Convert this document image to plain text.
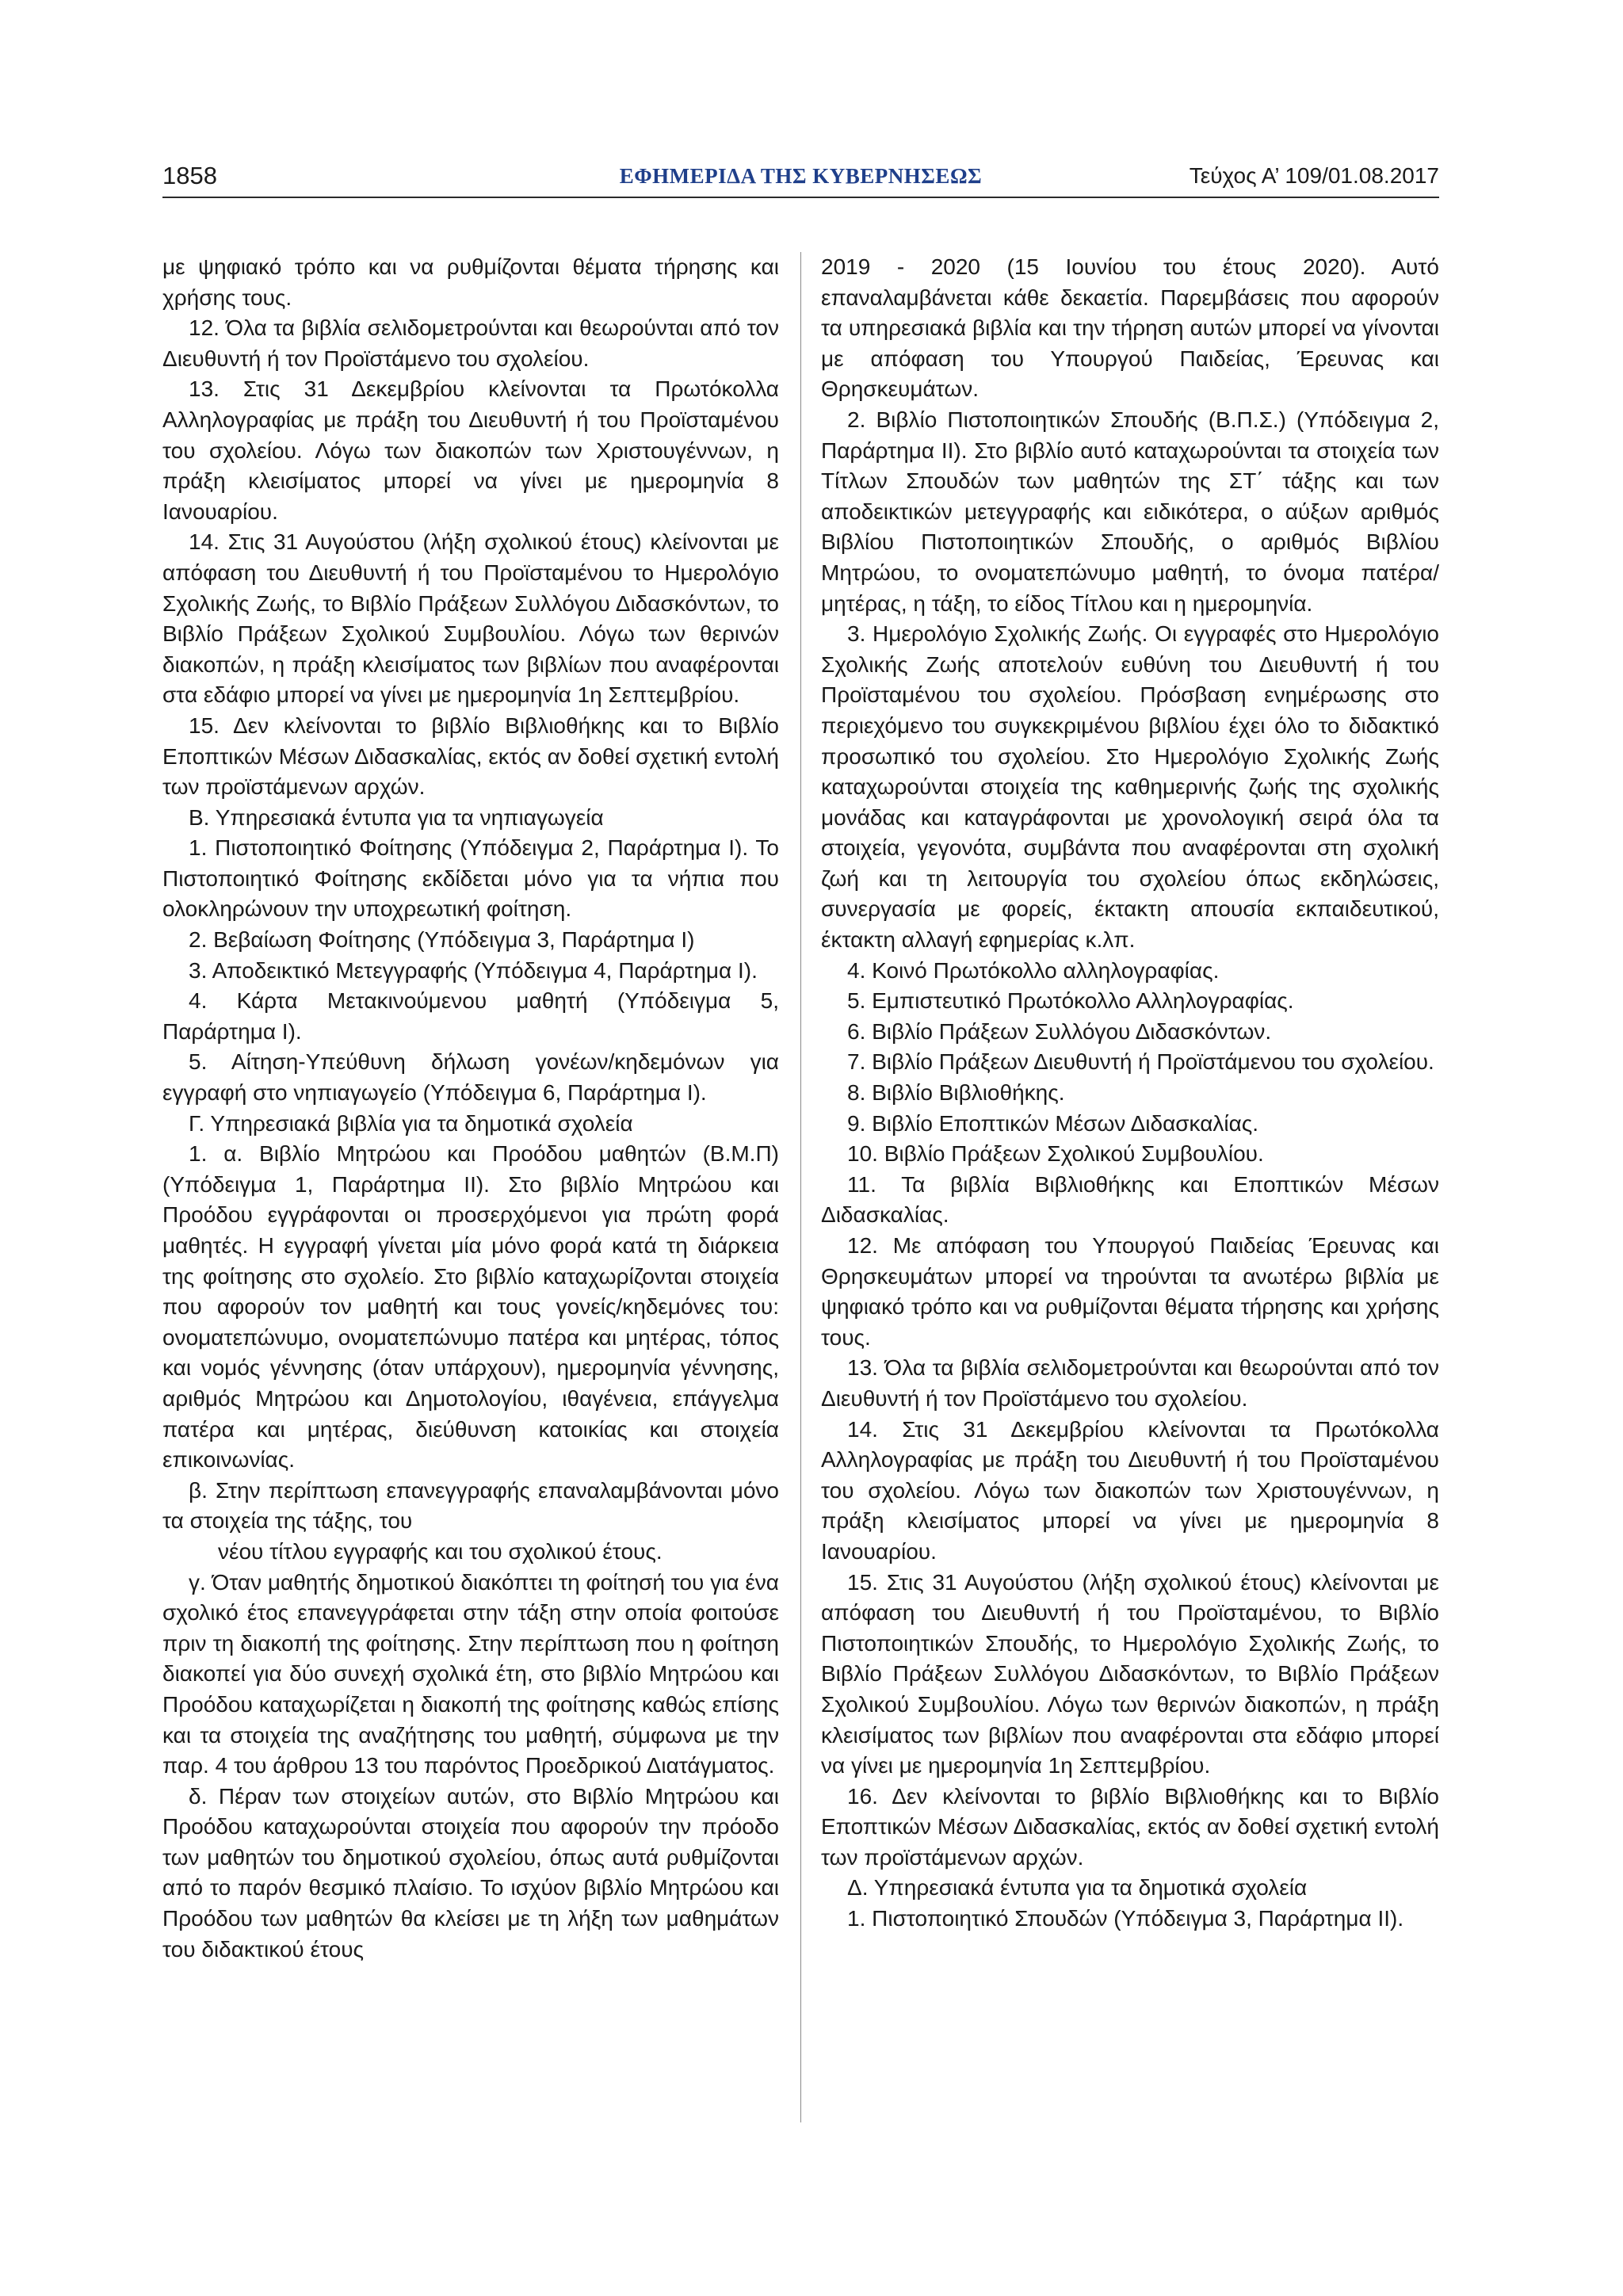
1858	ΕΦΗΜΕΡΙΔΑ ΤΗΣ ΚΥΒΕΡΝΗΣΕΩΣ	Τεύχος Α’ 109/01.08.2017

με ψηφιακό τρόπο και να ρυθμίζονται θέματα τήρησης και χρήσης τους.

12. Όλα τα βιβλία σελιδομετρούνται και θεωρούνται από τον Διευθυντή ή τον Προϊστάμενο του σχολείου.

13. Στις 31 Δεκεμβρίου κλείνονται τα Πρωτόκολλα Αλληλογραφίας με πράξη του Διευθυντή ή του Προϊσταμένου του σχολείου. Λόγω των διακοπών των Χριστουγέννων, η πράξη κλεισίματος μπορεί να γίνει με ημερομηνία 8 Ιανουαρίου.

14. Στις 31 Αυγούστου (λήξη σχολικού έτους) κλείνονται με απόφαση του Διευθυντή ή του Προϊσταμένου το Ημερολόγιο Σχολικής Ζωής, το Βιβλίο Πράξεων Συλλόγου Διδασκόντων, το Βιβλίο Πράξεων Σχολικού Συμβουλίου. Λόγω των θερινών διακοπών, η πράξη κλεισίματος των βιβλίων που αναφέρονται στα εδάφιο μπορεί να γίνει με ημερομηνία 1η Σεπτεμβρίου.

15. Δεν κλείνονται το βιβλίο Βιβλιοθήκης και το Βιβλίο Εποπτικών Μέσων Διδασκαλίας, εκτός αν δοθεί σχετική εντολή των προϊστάμενων αρχών.

Β. Υπηρεσιακά έντυπα για τα νηπιαγωγεία

1. Πιστοποιητικό Φοίτησης (Υπόδειγμα 2, Παράρτημα Ι). Το Πιστοποιητικό Φοίτησης εκδίδεται μόνο για τα νήπια που ολοκληρώνουν την υποχρεωτική φοίτηση.

2. Βεβαίωση Φοίτησης (Υπόδειγμα 3, Παράρτημα Ι)

3. Αποδεικτικό Μετεγγραφής (Υπόδειγμα 4, Παράρτημα Ι).

4. Κάρτα Μετακινούμενου μαθητή (Υπόδειγμα 5, Παράρτημα Ι).

5. Αίτηση-Υπεύθυνη δήλωση γονέων/κηδεμόνων για εγγραφή στο νηπιαγωγείο (Υπόδειγμα 6, Παράρτημα Ι).

Γ. Υπηρεσιακά βιβλία για τα δημοτικά σχολεία

1. α. Βιβλίο Μητρώου και Προόδου μαθητών (Β.Μ.Π) (Υπόδειγμα 1, Παράρτημα ΙΙ). Στο βιβλίο Μητρώου και Προόδου εγγράφονται οι προσερχόμενοι για πρώτη φορά μαθητές. Η εγγραφή γίνεται μία μόνο φορά κατά τη διάρκεια της φοίτησης στο σχολείο. Στο βιβλίο καταχωρίζονται στοιχεία που αφορούν τον μαθητή και τους γονείς/κηδεμόνες του: ονοματεπώνυμο, ονοματεπώνυμο πατέρα και μητέρας, τόπος και νομός γέννησης (όταν υπάρχουν), ημερομηνία γέννησης, αριθμός Μητρώου και Δημοτολογίου, ιθαγένεια, επάγγελμα πατέρα και μητέρας, διεύθυνση κατοικίας και στοιχεία επικοινωνίας.

β. Στην περίπτωση επανεγγραφής επαναλαμβάνονται μόνο τα στοιχεία της τάξης, του

νέου τίτλου εγγραφής και του σχολικού έτους.

γ. Όταν μαθητής δημοτικού διακόπτει τη φοίτησή του για ένα σχολικό έτος επανεγγράφεται στην τάξη στην οποία φοιτούσε πριν τη διακοπή της φοίτησης. Στην περίπτωση που η φοίτηση διακοπεί για δύο συνεχή σχολικά έτη, στο βιβλίο Μητρώου και Προόδου καταχωρίζεται η διακοπή της φοίτησης καθώς επίσης και τα στοιχεία της αναζήτησης του μαθητή, σύμφωνα με την παρ. 4 του άρθρου 13 του παρόντος Προεδρικού Διατάγματος.

δ. Πέραν των στοιχείων αυτών, στο Βιβλίο Μητρώου και Προόδου καταχωρούνται στοιχεία που αφορούν την πρόοδο των μαθητών του δημοτικού σχολείου, όπως αυτά ρυθμίζονται από το παρόν θεσμικό πλαίσιο. Το ισχύον βιβλίο Μητρώου και Προόδου των μαθητών θα κλείσει με τη λήξη των μαθημάτων του διδακτικού έτους

2019 - 2020 (15 Ιουνίου του έτους 2020). Αυτό επαναλαμβάνεται κάθε δεκαετία. Παρεμβάσεις που αφορούν τα υπηρεσιακά βιβλία και την τήρηση αυτών μπορεί να γίνονται με απόφαση του Υπουργού Παιδείας, Έρευνας και Θρησκευμάτων.

2. Βιβλίο Πιστοποιητικών Σπουδής (Β.Π.Σ.) (Υπόδειγμα 2, Παράρτημα ΙΙ). Στο βιβλίο αυτό καταχωρούνται τα στοιχεία των Τίτλων Σπουδών των μαθητών της ΣΤ΄ τάξης και των αποδεικτικών μετεγγραφής και ειδικότερα, ο αύξων αριθμός Βιβλίου Πιστοποιητικών Σπουδής, ο αριθμός Βιβλίου Μητρώου, το ονοματεπώνυμο μαθητή, το όνομα πατέρα/μητέρας, η τάξη, το είδος Τίτλου και η ημερομηνία.

3. Ημερολόγιο Σχολικής Ζωής. Οι εγγραφές στο Ημερολόγιο Σχολικής Ζωής αποτελούν ευθύνη του Διευθυντή ή του Προϊσταμένου του σχολείου. Πρόσβαση ενημέρωσης στο περιεχόμενο του συγκεκριμένου βιβλίου έχει όλο το διδακτικό προσωπικό του σχολείου. Στο Ημερολόγιο Σχολικής Ζωής καταχωρούνται στοιχεία της καθημερινής ζωής της σχολικής μονάδας και καταγράφονται με χρονολογική σειρά όλα τα στοιχεία, γεγονότα, συμβάντα που αναφέρονται στη σχολική ζωή και τη λειτουργία του σχολείου όπως εκδηλώσεις, συνεργασία με φορείς, έκτακτη απουσία εκπαιδευτικού, έκτακτη αλλαγή εφημερίας κ.λπ.

4. Κοινό Πρωτόκολλο αλληλογραφίας.

5. Εμπιστευτικό Πρωτόκολλο Αλληλογραφίας.

6. Βιβλίο Πράξεων Συλλόγου Διδασκόντων.

7. Βιβλίο Πράξεων Διευθυντή ή Προϊστάμενου του σχολείου.

8. Βιβλίο Βιβλιοθήκης.

9. Βιβλίο Εποπτικών Μέσων Διδασκαλίας.

10. Βιβλίο Πράξεων Σχολικού Συμβουλίου.

11. Τα βιβλία Βιβλιοθήκης και Εποπτικών Μέσων Διδασκαλίας.

12. Με απόφαση του Υπουργού Παιδείας Έρευνας και Θρησκευμάτων μπορεί να τηρούνται τα ανωτέρω βιβλία με ψηφιακό τρόπο και να ρυθμίζονται θέματα τήρησης και χρήσης τους.

13. Όλα τα βιβλία σελιδομετρούνται και θεωρούνται από τον Διευθυντή ή τον Προϊστάμενο του σχολείου.

14. Στις 31 Δεκεμβρίου κλείνονται τα Πρωτόκολλα Αλληλογραφίας με πράξη του Διευθυντή ή του Προϊσταμένου του σχολείου. Λόγω των διακοπών των Χριστουγέννων, η πράξη κλεισίματος μπορεί να γίνει με ημερομηνία 8 Ιανουαρίου.

15. Στις 31 Αυγούστου (λήξη σχολικού έτους) κλείνονται με απόφαση του Διευθυντή ή του Προϊσταμένου, το Βιβλίο Πιστοποιητικών Σπουδής, το Ημερολόγιο Σχολικής Ζωής, το Βιβλίο Πράξεων Συλλόγου Διδασκόντων, το Βιβλίο Πράξεων Σχολικού Συμβουλίου. Λόγω των θερινών διακοπών, η πράξη κλεισίματος των βιβλίων που αναφέρονται στα εδάφιο μπορεί να γίνει με ημερομηνία 1η Σεπτεμβρίου.

16. Δεν κλείνονται το βιβλίο Βιβλιοθήκης και το Βιβλίο Εποπτικών Μέσων Διδασκαλίας, εκτός αν δοθεί σχετική εντολή των προϊστάμενων αρχών.

Δ. Υπηρεσιακά έντυπα για τα δημοτικά σχολεία

1. Πιστοποιητικό Σπουδών (Υπόδειγμα 3, Παράρτημα ΙΙ).
